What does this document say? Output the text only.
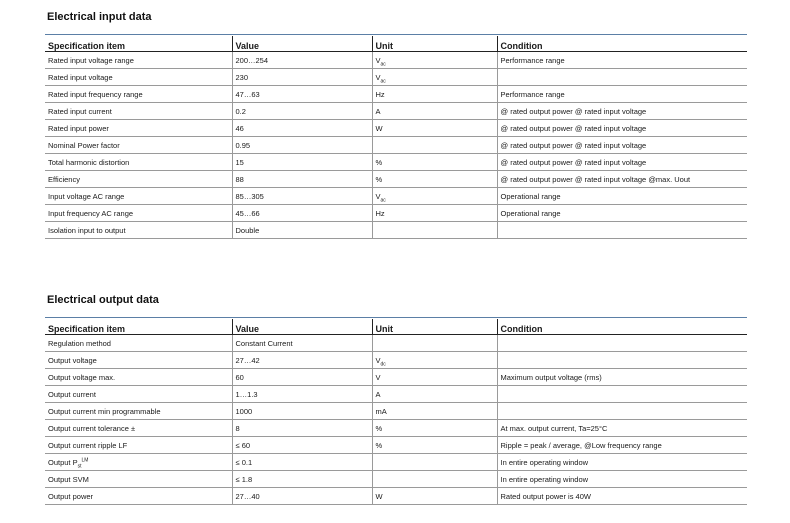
Electrical input data
Specification item	Value	Unit	Condition
Rated input voltage range	200…254	$V_{ac}$	Performance range
Rated input voltage	230	$V_{ac}$	
Rated input frequency range	47…63	Hz	Performance range
Rated input current	0.2	A	@ rated output power @ rated input voltage
Rated input power	46	W	@ rated output power @ rated input voltage
Nominal Power factor	0.95		@ rated output power @ rated input voltage
Total harmonic distortion	15	%	@ rated output power @ rated input voltage
Efficiency	88	%	@ rated output power @ rated input voltage @max. Uout
Input voltage AC range	85…305	$V_{ac}$	Operational range
Input frequency AC range	45…66	Hz	Operational range
Isolation input to output	Double		
Electrical output data
Specification item	Value	Unit	Condition
Regulation method	Constant Current		
Output voltage	27…42	$V_{dc}$	
Output voltage max.	60	V	Maximum output voltage (rms)
Output current	1…1.3	A	
Output current min programmable	1000	mA	
Output current tolerance ±	8	%	At max. output current, Ta=25°C
Output current ripple LF	≤ 60	%	Ripple = peak / average, @Low frequency range
Output $P_{st}^{LM}$	≤ 0.1		In entire operating window
Output SVM	≤ 1.8		In entire operating window
Output power	27…40	W	Rated output power is 40W
